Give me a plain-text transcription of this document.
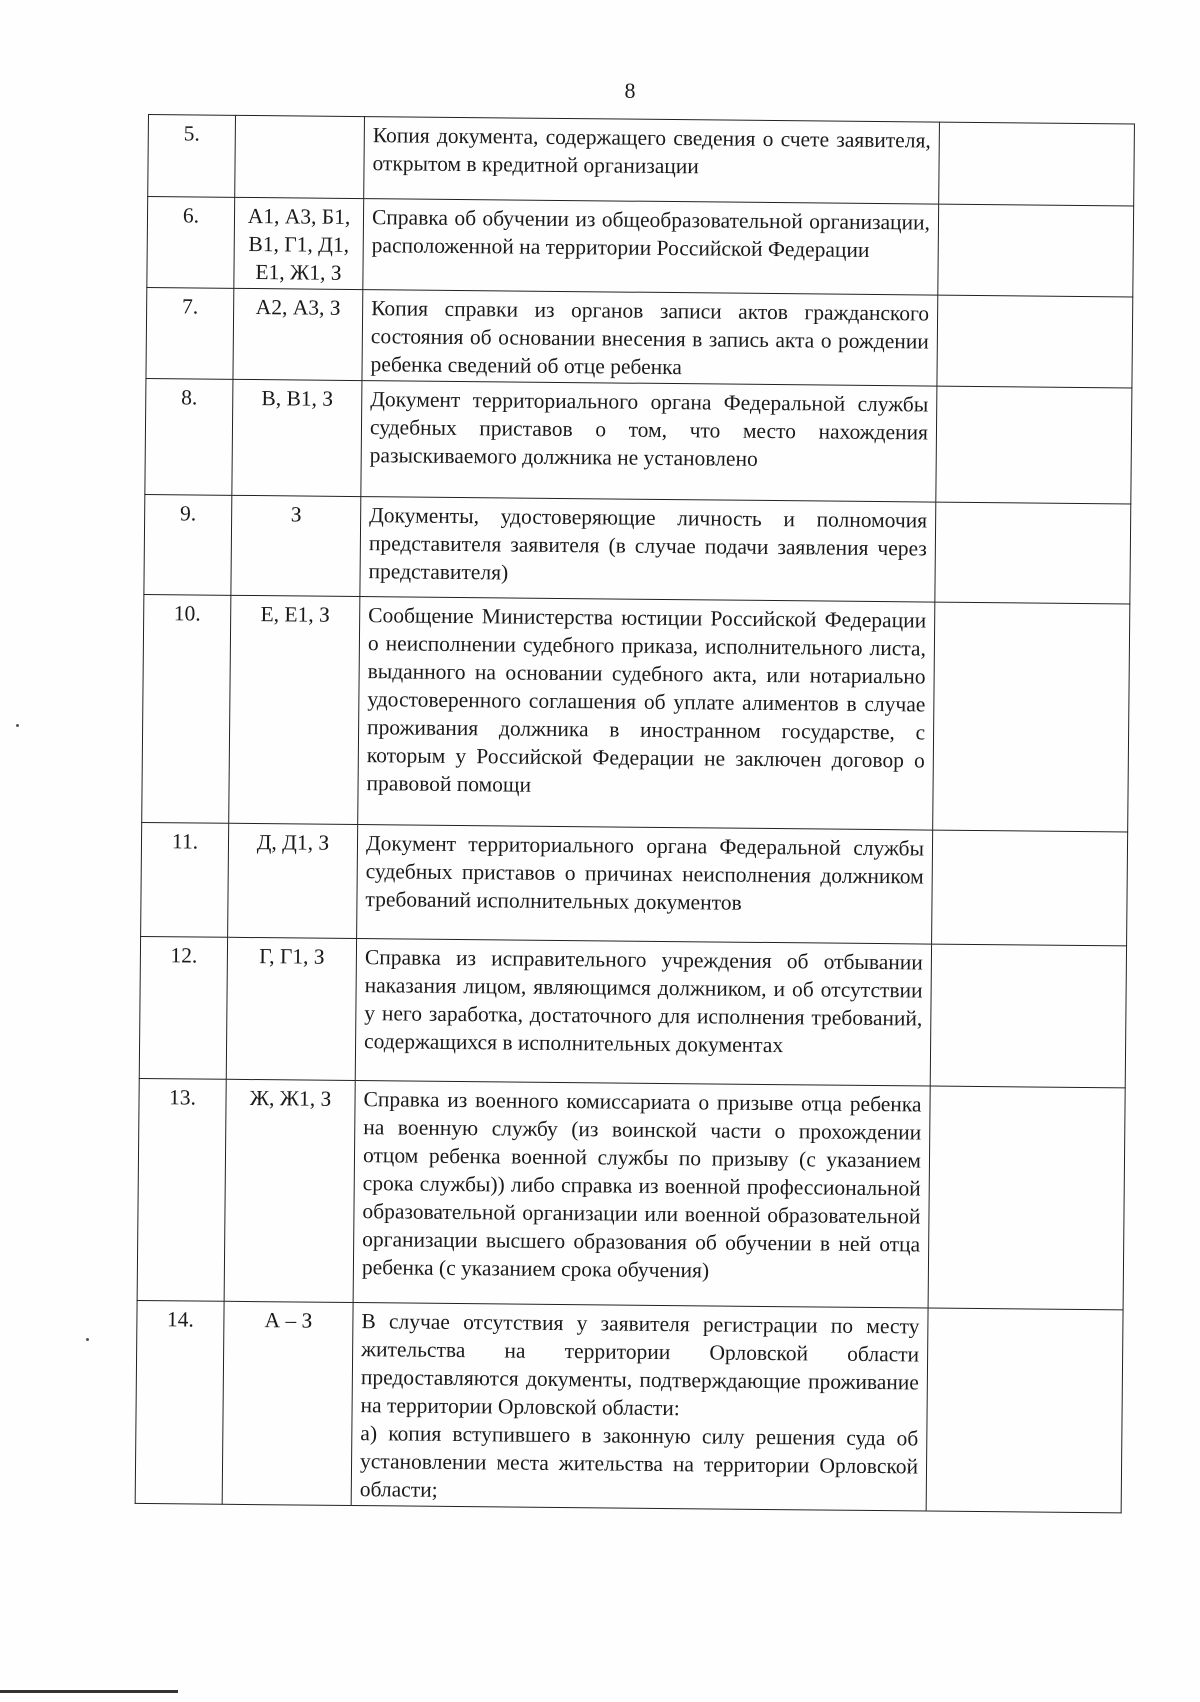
8
5.		Копия документа, содержащего сведения о счете заявителя, открытом в кредитной организации	
6.	А1, А3, Б1, В1, Г1, Д1, Е1, Ж1, З	Справка об обучении из общеобразовательной организации, расположенной на территории Российской Федерации	
7.	А2, А3, З	Копия справки из органов записи актов гражданского состояния об основании внесения в запись акта о рождении ребенка сведений об отце ребенка	
8.	В, В1, З	Документ территориального органа Федеральной службы судебных приставов о том, что место нахождения разыскиваемого должника не установлено	
9.	З	Документы, удостоверяющие личность и полномочия представителя заявителя (в случае подачи заявления через представителя)	
10.	Е, Е1, З	Сообщение Министерства юстиции Российской Федерации о неисполнении судебного приказа, исполнительного листа, выданного на основании судебного акта, или нотариально удостоверенного соглашения об уплате алиментов в случае проживания должника в иностранном государстве, с которым у Российской Федерации не заключен договор о правовой помощи	
11.	Д, Д1, З	Документ территориального органа Федеральной службы судебных приставов о причинах неисполнения должником требований исполнительных документов	
12.	Г, Г1, З	Справка из исправительного учреждения об отбывании наказания лицом, являющимся должником, и об отсутствии у него заработка, достаточного для исполнения требований, содержащихся в исполнительных документах	
13.	Ж, Ж1, З	Справка из военного комиссариата о призыве отца ребенка на военную службу (из воинской части о прохождении отцом ребенка военной службы по призыву (с указанием срока службы)) либо справка из военной профессиональной образовательной организации или военной образовательной организации высшего образования об обучении в ней отца ребенка (с указанием срока обучения)	
14.	А – З	В случае отсутствия у заявителя регистрации по месту жительства на территории Орловской области предоставляются документы, подтверждающие проживание на территории Орловской области:
а) копия вступившего в законную силу решения суда об установлении места жительства на территории Орловской области;	
